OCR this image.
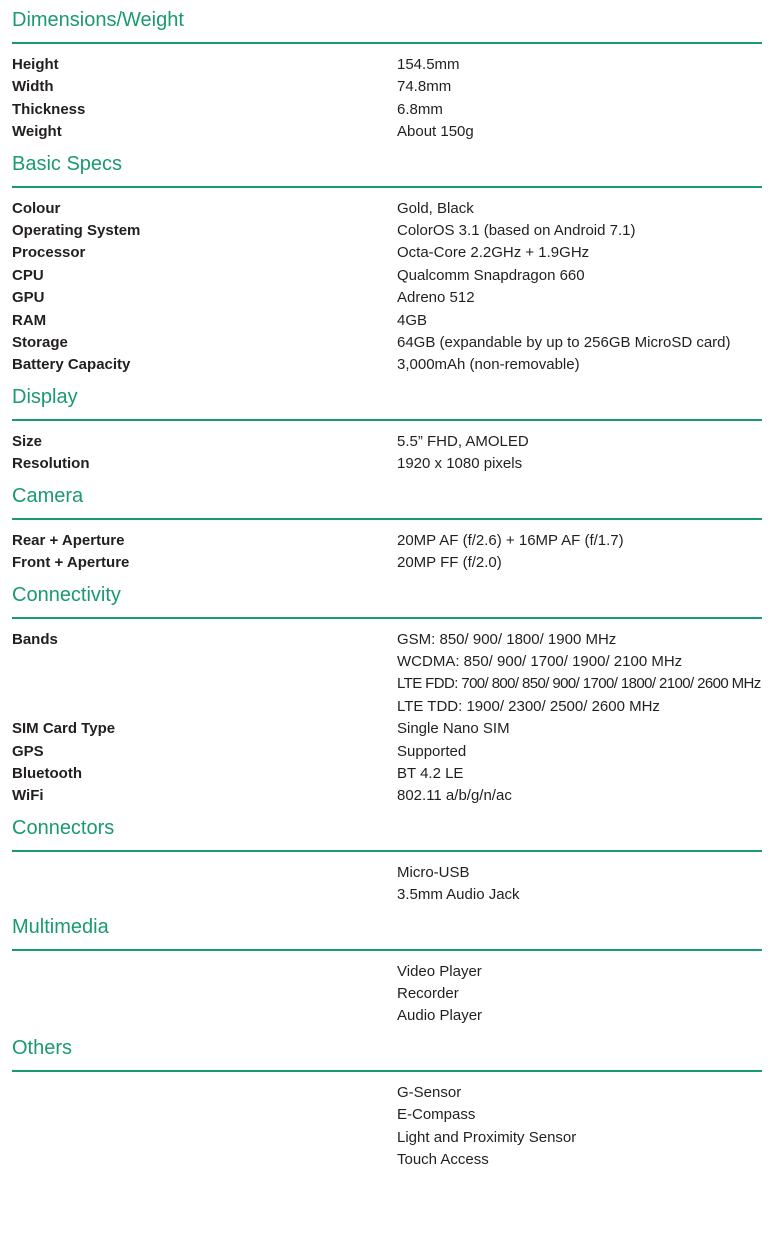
Dimensions/Weight
Height	154.5mm
Width	74.8mm
Thickness	6.8mm
Weight	About 150g
Basic Specs
Colour	Gold, Black
Operating System	ColorOS 3.1 (based on Android 7.1)
Processor	Octa-Core 2.2GHz + 1.9GHz
CPU	Qualcomm Snapdragon 660
GPU	Adreno 512
RAM	4GB
Storage	64GB (expandable by up to 256GB MicroSD card)
Battery Capacity	3,000mAh (non-removable)
Display
Size	5.5” FHD, AMOLED
Resolution	1920 x 1080 pixels
Camera
Rear + Aperture	20MP AF (f/2.6) + 16MP AF (f/1.7)
Front + Aperture	20MP FF (f/2.0)
Connectivity
Bands	GSM: 850/ 900/ 1800/ 1900 MHz
WCDMA: 850/ 900/ 1700/ 1900/ 2100 MHz
LTE FDD: 700/ 800/ 850/ 900/ 1700/ 1800/ 2100/ 2600 MHz
LTE TDD: 1900/ 2300/ 2500/ 2600 MHz
SIM Card Type	Single Nano SIM
GPS	Supported
Bluetooth	BT 4.2 LE
WiFi	802.11 a/b/g/n/ac
Connectors
Micro-USB
3.5mm Audio Jack
Multimedia
Video Player
Recorder
Audio Player
Others
G-Sensor
E-Compass
Light and Proximity Sensor
Touch Access
